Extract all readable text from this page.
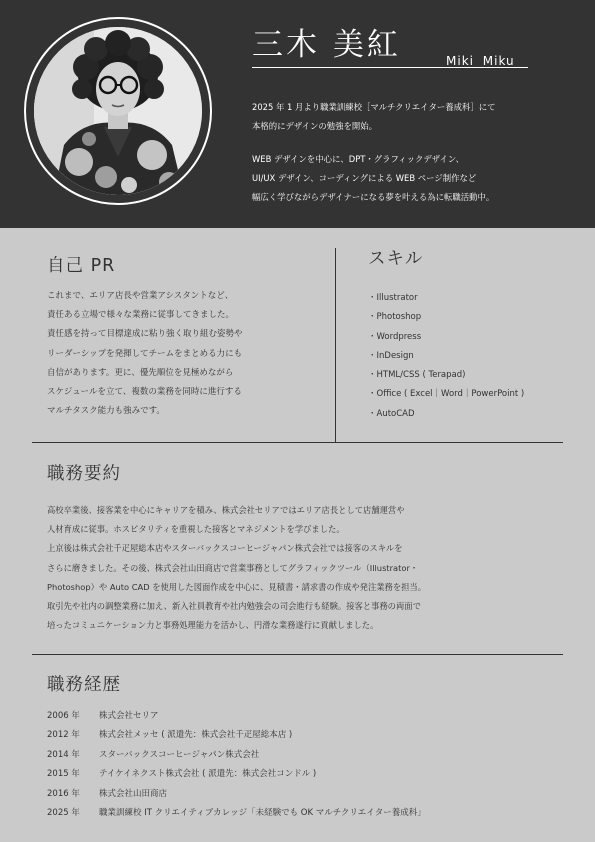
三木 美紅	Miki Miku

2025 年 1 月より職業訓練校［マルチクリエイター養成科］にて

本格的にデザインの勉強を開始。

WEB デザインを中心に、DPT・グラフィックデザイン、

UI/UX デザイン、コーディングによる WEB ページ制作など

幅広く学びながらデザイナーになる夢を叶える為に転職活動中。

自己 PR

これまで、エリア店長や営業アシスタントなど、

責任ある立場で様々な業務に従事してきました。

責任感を持って目標達成に粘り強く取り組む姿勢や

リーダーシップを発揮してチームをまとめる力にも

自信があります。更に、優先順位を見極めながら

スケジュールを立て、複数の業務を同時に進行する

マルチタスク能力も強みです。

スキル
・Illustrator
・Photoshop
・Wordpress
・InDesign
・HTML/CSS ( Terapad)
・Office ( Excel｜Word｜PowerPoint )
・AutoCAD
職務要約

高校卒業後、接客業を中心にキャリアを積み、株式会社セリアではエリア店長として店舗運営や

人材育成に従事。ホスピタリティを重視した接客とマネジメントを学びました。

上京後は株式会社千疋屋総本店やスターバックスコーヒージャパン株式会社では接客のスキルを

さらに磨きました。その後、株式会社山田商店で営業事務としてグラフィックツール（Illustrator・

Photoshop）や Auto CAD を使用した図面作成を中心に、見積書・請求書の作成や発注業務を担当。

取引先や社内の調整業務に加え、新入社員教育や社内勉強会の司会進行も経験。接客と事務の両面で

培ったコミュニケーション力と事務処理能力を活かし、円滑な業務遂行に貢献しました。

職務経歴
2006 年	株式会社セリア
2012 年	株式会社メッセ ( 派遣先：株式会社千疋屋総本店 )
2014 年	スターバックスコーヒージャパン株式会社
2015 年	テイケイネクスト株式会社 ( 派遣先：株式会社コンドル )
2016 年	株式会社山田商店
2025 年	職業訓練校 IT クリエイティブカレッジ「未経験でも OK マルチクリエイター養成科」
